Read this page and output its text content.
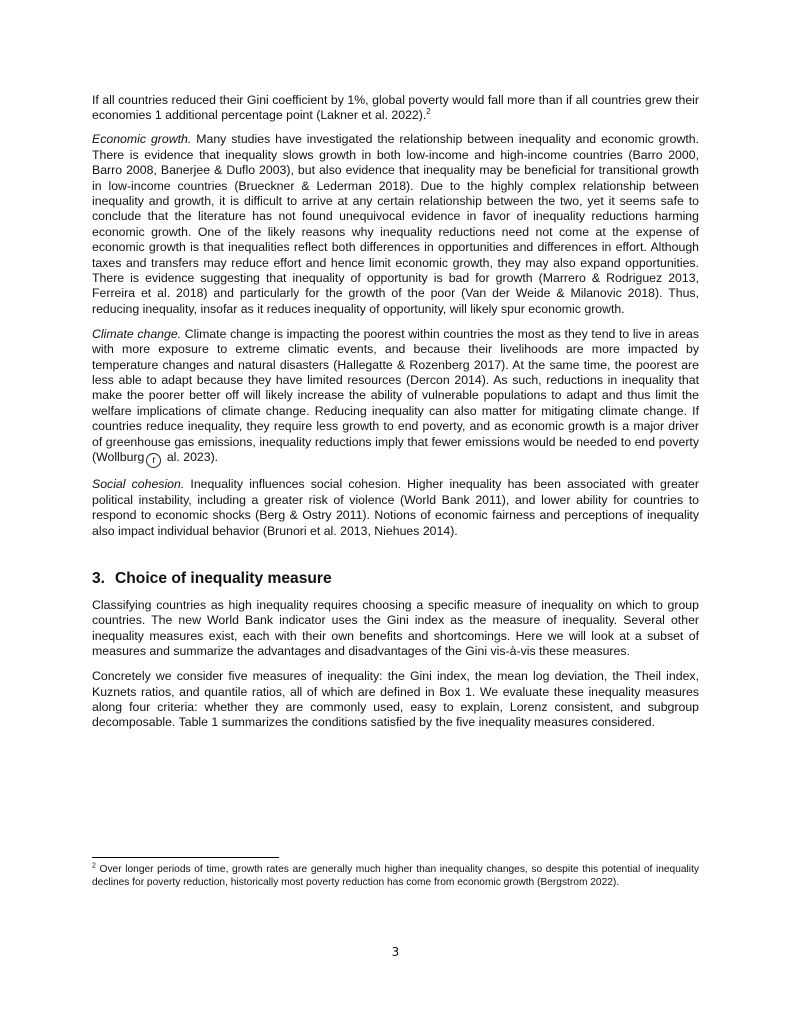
If all countries reduced their Gini coefficient by 1%, global poverty would fall more than if all countries grew their economies 1 additional percentage point (Lakner et al. 2022).$^2$

Economic growth. Many studies have investigated the relationship between inequality and economic growth. There is evidence that inequality slows growth in both low-income and high-income countries (Barro 2000, Barro 2008, Banerjee & Duflo 2003), but also evidence that inequality may be beneficial for transitional growth in low-income countries (Brueckner & Lederman 2018). Due to the highly complex relationship between inequality and growth, it is difficult to arrive at any certain relationship between the two, yet it seems safe to conclude that the literature has not found unequivocal evidence in favor of inequality reductions harming economic growth. One of the likely reasons why inequality reductions need not come at the expense of economic growth is that inequalities reflect both differences in opportunities and differences in effort. Although taxes and transfers may reduce effort and hence limit economic growth, they may also expand opportunities. There is evidence suggesting that inequality of opportunity is bad for growth (Marrero & Rodriguez 2013, Ferreira et al. 2018) and particularly for the growth of the poor (Van der Weide & Milanovic 2018). Thus, reducing inequality, insofar as it reduces inequality of opportunity, will likely spur economic growth.

Climate change. Climate change is impacting the poorest within countries the most as they tend to live in areas with more exposure to extreme climatic events, and because their livelihoods are more impacted by temperature changes and natural disasters (Hallegatte & Rozenberg 2017). At the same time, the poorest are less able to adapt because they have limited resources (Dercon 2014). As such, reductions in inequality that make the poorer better off will likely increase the ability of vulnerable populations to adapt and thus limit the welfare implications of climate change. Reducing inequality can also matter for mitigating climate change. If countries reduce inequality, they require less growth to end poverty, and as economic growth is a major driver of greenhouse gas emissions, inequality reductions imply that fewer emissions would be needed to end poverty (Wollburg r al. 2023).

Social cohesion. Inequality influences social cohesion. Higher inequality has been associated with greater political instability, including a greater risk of violence (World Bank 2011), and lower ability for countries to respond to economic shocks (Berg & Ostry 2011). Notions of economic fairness and perceptions of inequality also impact individual behavior (Brunori et al. 2013, Niehues 2014).

3. Choice of inequality measure

Classifying countries as high inequality requires choosing a specific measure of inequality on which to group countries. The new World Bank indicator uses the Gini index as the measure of inequality. Several other inequality measures exist, each with their own benefits and shortcomings. Here we will look at a subset of measures and summarize the advantages and disadvantages of the Gini vis-à-vis these measures.

Concretely we consider five measures of inequality: the Gini index, the mean log deviation, the Theil index, Kuznets ratios, and quantile ratios, all of which are defined in Box 1. We evaluate these inequality measures along four criteria: whether they are commonly used, easy to explain, Lorenz consistent, and subgroup decomposable. Table 1 summarizes the conditions satisfied by the five inequality measures considered.

$^2$ Over longer periods of time, growth rates are generally much higher than inequality changes, so despite this potential of inequality declines for poverty reduction, historically most poverty reduction has come from economic growth (Bergstrom 2022).
3
